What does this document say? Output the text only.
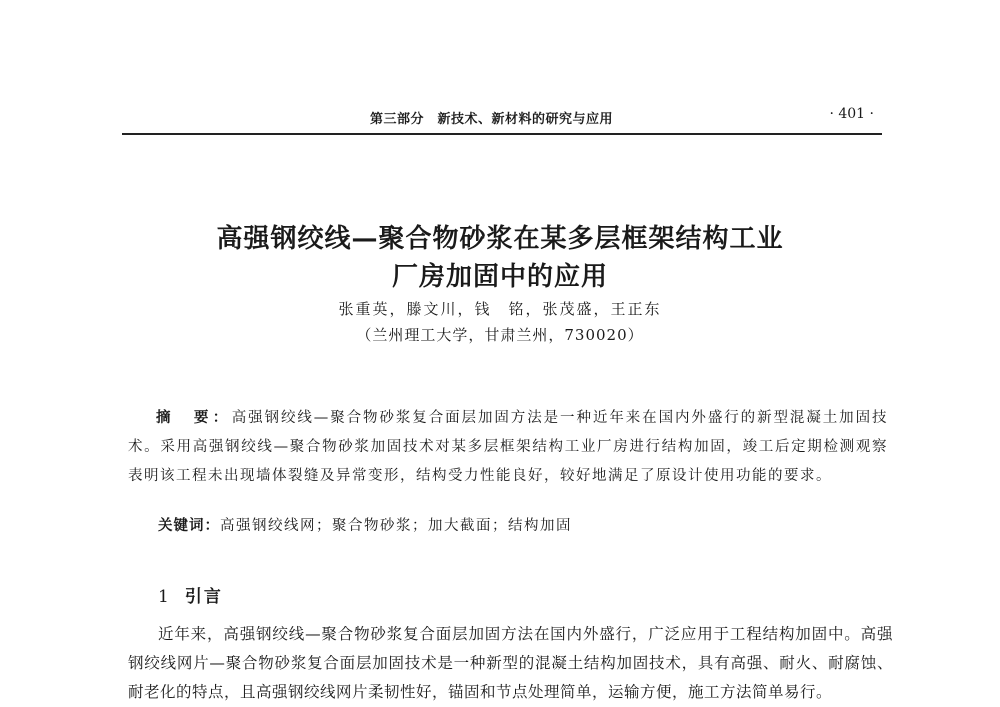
第三部分　新技术、新材料的研究与应用	· 401 ·
高强钢绞线—聚合物砂浆在某多层框架结构工业
厂房加固中的应用
张重英，滕文川，钱　铭，张茂盛，王正东
（兰州理工大学，甘肃兰州，730020）
摘　要：高强钢绞线—聚合物砂浆复合面层加固方法是一种近年来在国内外盛行的新型混凝土加固技术。采用高强钢绞线—聚合物砂浆加固技术对某多层框架结构工业厂房进行结构加固，竣工后定期检测观察表明该工程未出现墙体裂缝及异常变形，结构受力性能良好，较好地满足了原设计使用功能的要求。
关键词：高强钢绞线网；聚合物砂浆；加大截面；结构加固
1 引言
近年来，高强钢绞线—聚合物砂浆复合面层加固方法在国内外盛行，广泛应用于工程结构加固中。高强钢绞线网片—聚合物砂浆复合面层加固技术是一种新型的混凝土结构加固技术，具有高强、耐火、耐腐蚀、耐老化的特点，且高强钢绞线网片柔韧性好，锚固和节点处理简单，运输方便，施工方法简单易行。
